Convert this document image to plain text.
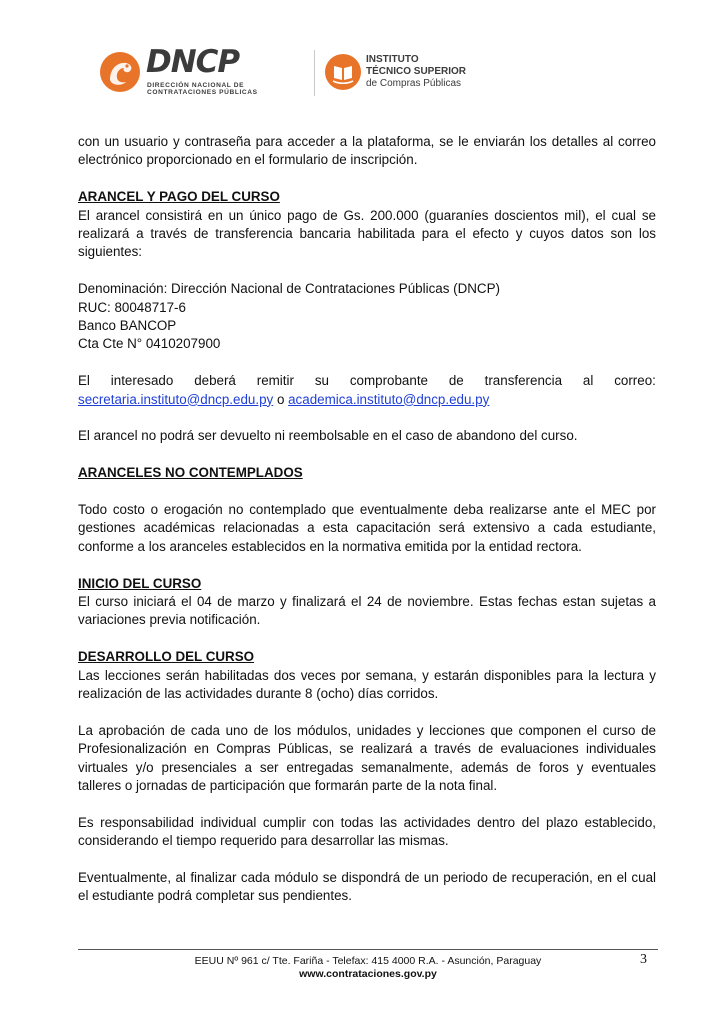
DNCP
DIRECCIÓN NACIONAL DE
CONTRATACIONES PÚBLICAS
INSTITUTO
TÉCNICO SUPERIOR
de Compras Públicas

con un usuario y contraseña para acceder a la plataforma, se le enviarán los detalles al correo electrónico proporcionado en el formulario de inscripción.

ARANCEL Y PAGO DEL CURSO

El arancel consistirá en un único pago de Gs. 200.000 (guaraníes doscientos mil), el cual se realizará a través de transferencia bancaria habilitada para el efecto y cuyos datos son los siguientes:

Denominación: Dirección Nacional de Contrataciones Públicas (DNCP)

RUC: 80048717-6

Banco BANCOP

Cta Cte N° 0410207900

El interesado deberá remitir su comprobante de transferencia al correo:

secretaria.instituto@dncp.edu.py o academica.instituto@dncp.edu.py

El arancel no podrá ser devuelto ni reembolsable en el caso de abandono del curso.

ARANCELES NO CONTEMPLADOS

Todo costo o erogación no contemplado que eventualmente deba realizarse ante el MEC por gestiones académicas relacionadas a esta capacitación será extensivo a cada estudiante, conforme a los aranceles establecidos en la normativa emitida por la entidad rectora.

INICIO DEL CURSO

El curso iniciará el 04 de marzo y finalizará el 24 de noviembre. Estas fechas estan sujetas a variaciones previa notificación.

DESARROLLO DEL CURSO

Las lecciones serán habilitadas dos veces por semana, y estarán disponibles para la lectura y realización de las actividades durante 8 (ocho) días corridos.

La aprobación de cada uno de los módulos, unidades y lecciones que componen el curso de Profesionalización en Compras Públicas, se realizará a través de evaluaciones individuales virtuales y/o presenciales a ser entregadas semanalmente, además de foros y eventuales talleres o jornadas de participación que formarán parte de la nota final.

Es responsabilidad individual cumplir con todas las actividades dentro del plazo establecido, considerando el tiempo requerido para desarrollar las mismas.

Eventualmente, al finalizar cada módulo se dispondrá de un periodo de recuperación, en el cual el estudiante podrá completar sus pendientes.

EEUU Nº 961 c/ Tte. Fariña - Telefax: 415 4000 R.A. - Asunción, Paraguay
www.contrataciones.gov.py
3
